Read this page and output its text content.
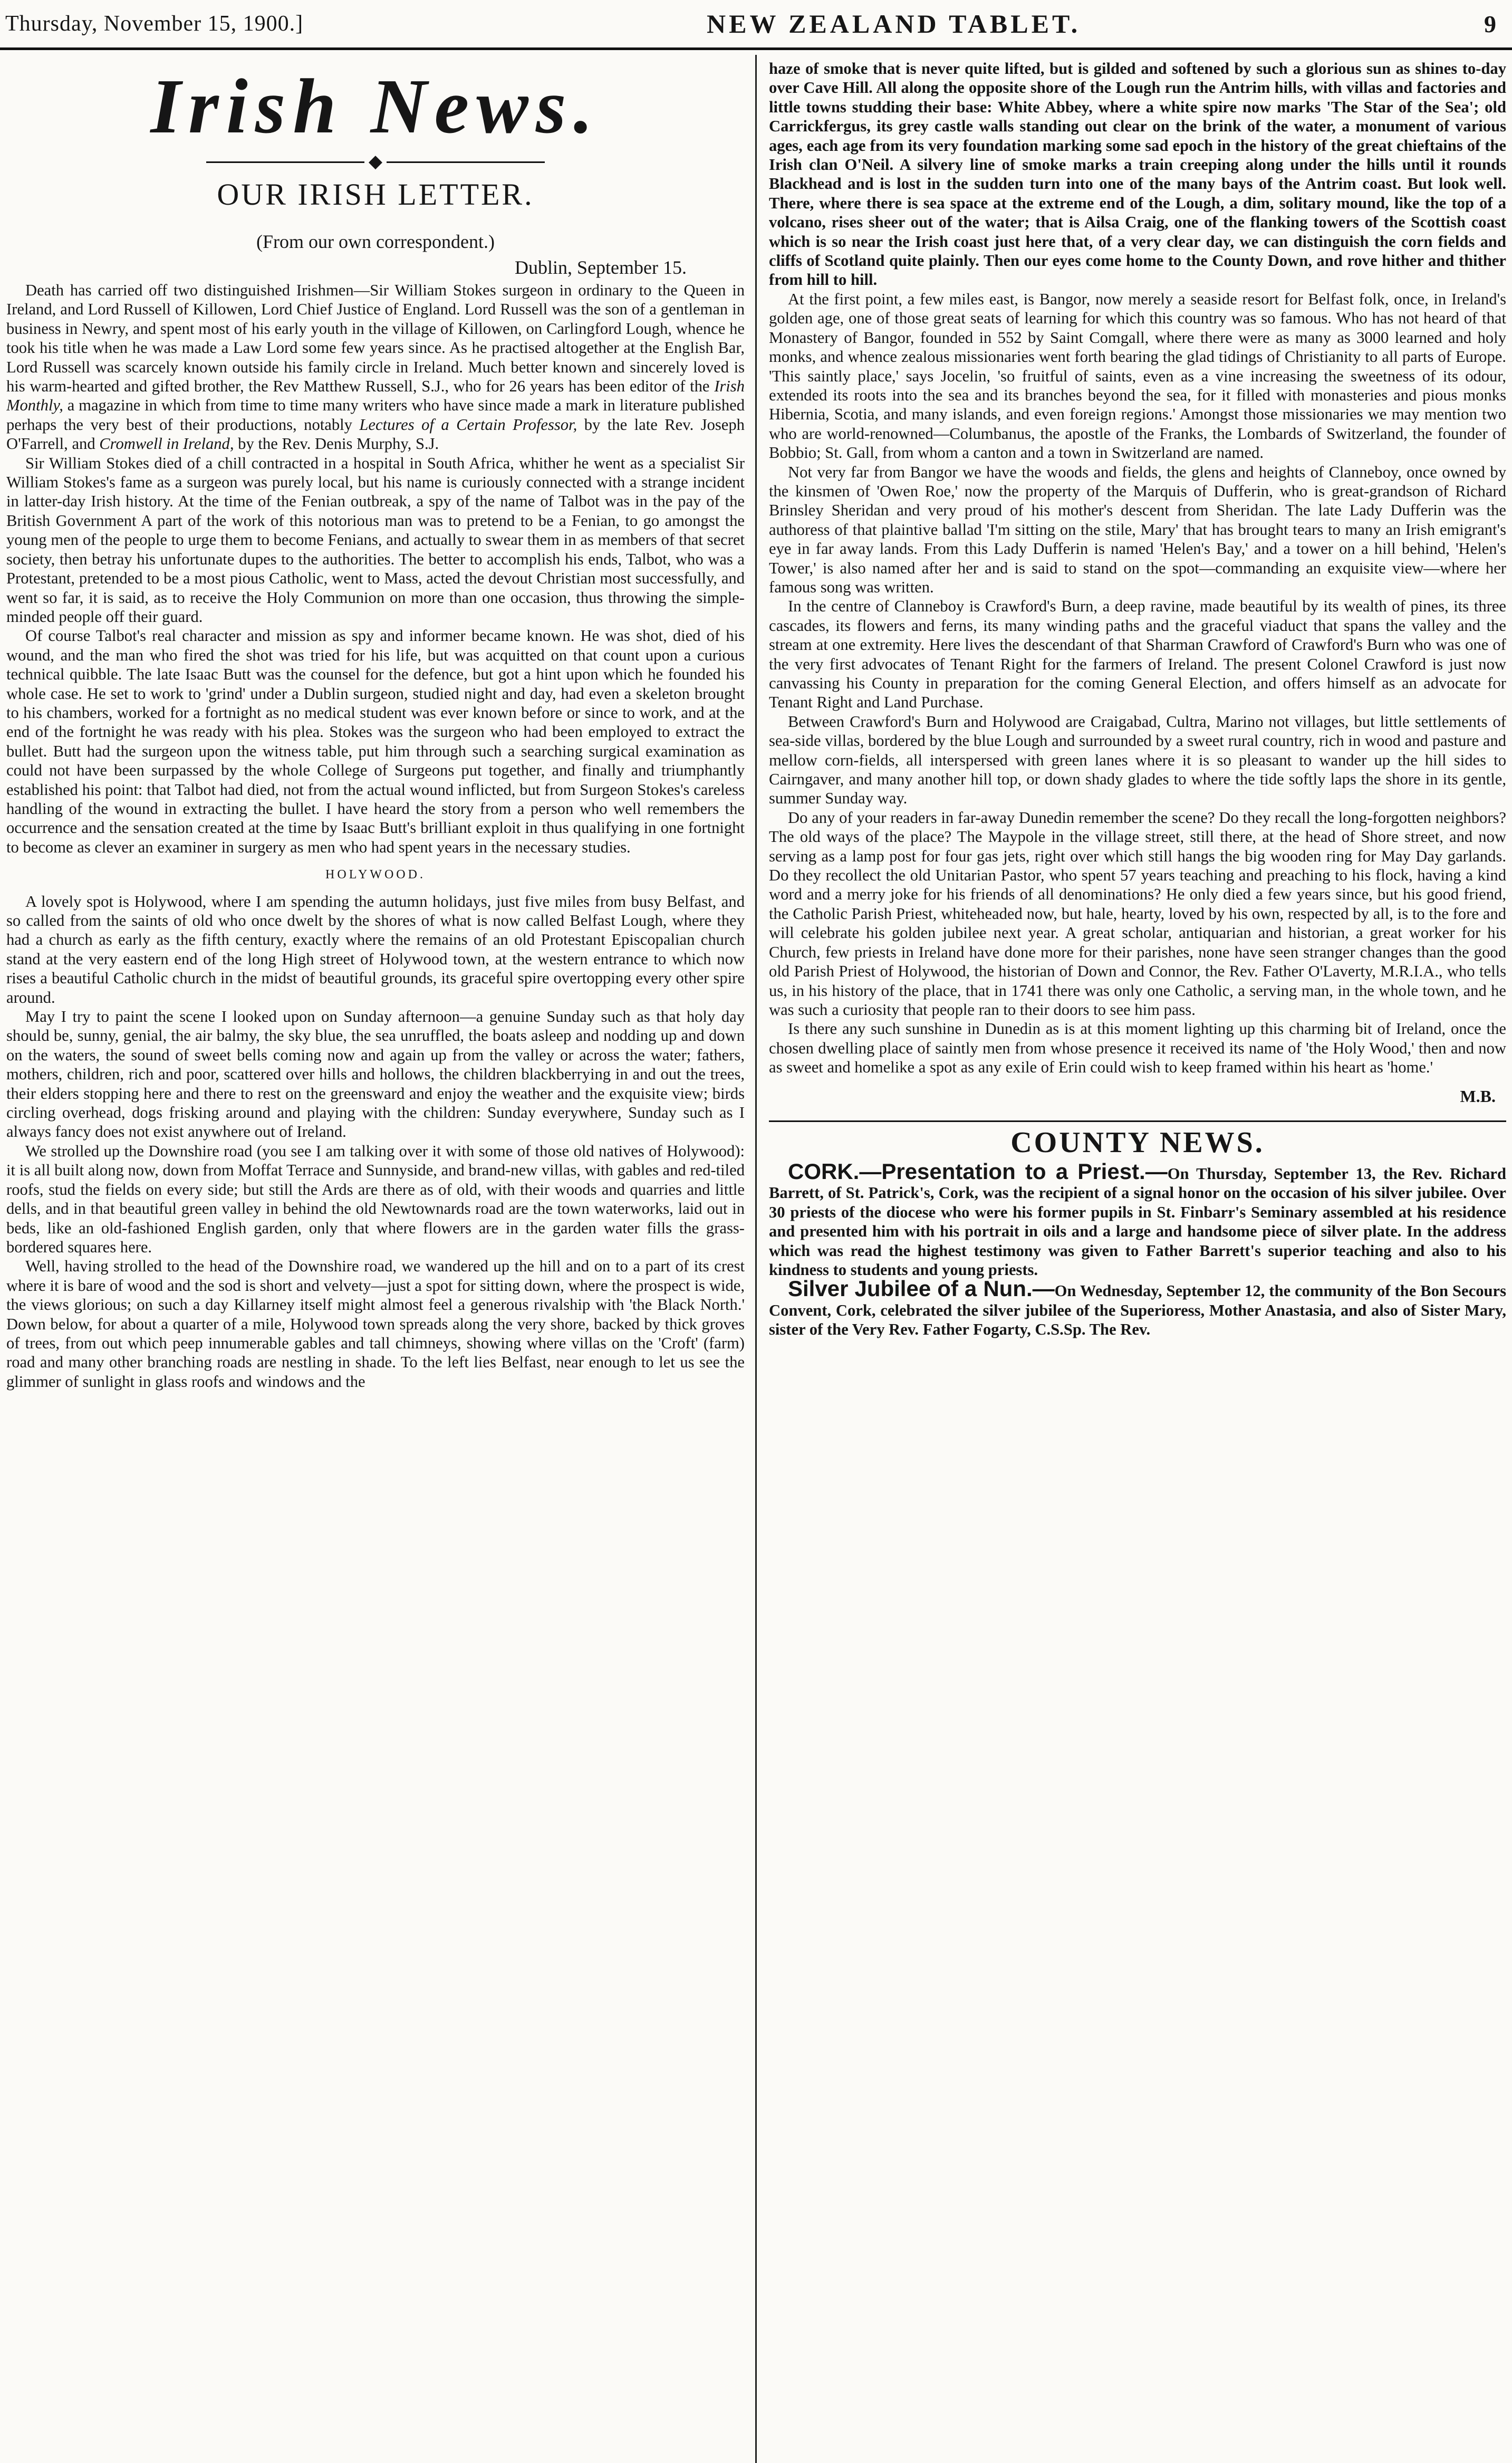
Thursday, November 15, 1900.]	NEW ZEALAND TABLET.	9
Irish News.
◆
OUR IRISH LETTER.
(From our own correspondent.)
Dublin, September 15.

Death has carried off two distinguished Irishmen—Sir William Stokes surgeon in ordinary to the Queen in Ireland, and Lord Russell of Killowen, Lord Chief Justice of England. Lord Russell was the son of a gentleman in business in Newry, and spent most of his early youth in the village of Killowen, on Carlingford Lough, whence he took his title when he was made a Law Lord some few years since. As he practised altogether at the English Bar, Lord Russell was scarcely known outside his family circle in Ireland. Much better known and sincerely loved is his warm-hearted and gifted brother, the Rev Matthew Russell, S.J., who for 26 years has been editor of the Irish Monthly, a magazine in which from time to time many writers who have since made a mark in literature published perhaps the very best of their productions, notably Lectures of a Certain Professor, by the late Rev. Joseph O'Farrell, and Cromwell in Ireland, by the Rev. Denis Murphy, S.J.

Sir William Stokes died of a chill contracted in a hospital in South Africa, whither he went as a specialist Sir William Stokes's fame as a surgeon was purely local, but his name is curiously connected with a strange incident in latter-day Irish history. At the time of the Fenian outbreak, a spy of the name of Talbot was in the pay of the British Government A part of the work of this notorious man was to pretend to be a Fenian, to go amongst the young men of the people to urge them to become Fenians, and actually to swear them in as members of that secret society, then betray his unfortunate dupes to the authorities. The better to accomplish his ends, Talbot, who was a Protestant, pretended to be a most pious Catholic, went to Mass, acted the devout Christian most successfully, and went so far, it is said, as to receive the Holy Communion on more than one occasion, thus throwing the simple-minded people off their guard.

Of course Talbot's real character and mission as spy and informer became known. He was shot, died of his wound, and the man who fired the shot was tried for his life, but was acquitted on that count upon a curious technical quibble. The late Isaac Butt was the counsel for the defence, but got a hint upon which he founded his whole case. He set to work to 'grind' under a Dublin surgeon, studied night and day, had even a skeleton brought to his chambers, worked for a fortnight as no medical student was ever known before or since to work, and at the end of the fortnight he was ready with his plea. Stokes was the surgeon who had been employed to extract the bullet. Butt had the surgeon upon the witness table, put him through such a searching surgical examination as could not have been surpassed by the whole College of Surgeons put together, and finally and triumphantly established his point: that Talbot had died, not from the actual wound inflicted, but from Surgeon Stokes's careless handling of the wound in extracting the bullet. I have heard the story from a person who well remembers the occurrence and the sensation created at the time by Isaac Butt's brilliant exploit in thus qualifying in one fortnight to become as clever an examiner in surgery as men who had spent years in the necessary studies.

HOLYWOOD.

A lovely spot is Holywood, where I am spending the autumn holidays, just five miles from busy Belfast, and so called from the saints of old who once dwelt by the shores of what is now called Belfast Lough, where they had a church as early as the fifth century, exactly where the remains of an old Protestant Episcopalian church stand at the very eastern end of the long High street of Holywood town, at the western entrance to which now rises a beautiful Catholic church in the midst of beautiful grounds, its graceful spire overtopping every other spire around.

May I try to paint the scene I looked upon on Sunday afternoon—a genuine Sunday such as that holy day should be, sunny, genial, the air balmy, the sky blue, the sea unruffled, the boats asleep and nodding up and down on the waters, the sound of sweet bells coming now and again up from the valley or across the water; fathers, mothers, children, rich and poor, scattered over hills and hollows, the children blackberrying in and out the trees, their elders stopping here and there to rest on the greensward and enjoy the weather and the exquisite view; birds circling overhead, dogs frisking around and playing with the children: Sunday everywhere, Sunday such as I always fancy does not exist anywhere out of Ireland.

We strolled up the Downshire road (you see I am talking over it with some of those old natives of Holywood): it is all built along now, down from Moffat Terrace and Sunnyside, and brand-new villas, with gables and red-tiled roofs, stud the fields on every side; but still the Ards are there as of old, with their woods and quarries and little dells, and in that beautiful green valley in behind the old Newtownards road are the town waterworks, laid out in beds, like an old-fashioned English garden, only that where flowers are in the garden water fills the grass-bordered squares here.

Well, having strolled to the head of the Downshire road, we wandered up the hill and on to a part of its crest where it is bare of wood and the sod is short and velvety—just a spot for sitting down, where the prospect is wide, the views glorious; on such a day Killarney itself might almost feel a generous rivalship with 'the Black North.' Down below, for about a quarter of a mile, Holywood town spreads along the very shore, backed by thick groves of trees, from out which peep innumerable gables and tall chimneys, showing where villas on the 'Croft' (farm) road and many other branching roads are nestling in shade. To the left lies Belfast, near enough to let us see the glimmer of sunlight in glass roofs and windows and the

haze of smoke that is never quite lifted, but is gilded and softened by such a glorious sun as shines to-day over Cave Hill. All along the opposite shore of the Lough run the Antrim hills, with villas and factories and little towns studding their base: White Abbey, where a white spire now marks 'The Star of the Sea'; old Carrickfergus, its grey castle walls standing out clear on the brink of the water, a monument of various ages, each age from its very foundation marking some sad epoch in the history of the great chieftains of the Irish clan O'Neil. A silvery line of smoke marks a train creeping along under the hills until it rounds Blackhead and is lost in the sudden turn into one of the many bays of the Antrim coast. But look well. There, where there is sea space at the extreme end of the Lough, a dim, solitary mound, like the top of a volcano, rises sheer out of the water; that is Ailsa Craig, one of the flanking towers of the Scottish coast which is so near the Irish coast just here that, of a very clear day, we can distinguish the corn fields and cliffs of Scotland quite plainly. Then our eyes come home to the County Down, and rove hither and thither from hill to hill.

At the first point, a few miles east, is Bangor, now merely a seaside resort for Belfast folk, once, in Ireland's golden age, one of those great seats of learning for which this country was so famous. Who has not heard of that Monastery of Bangor, founded in 552 by Saint Comgall, where there were as many as 3000 learned and holy monks, and whence zealous missionaries went forth bearing the glad tidings of Christianity to all parts of Europe. 'This saintly place,' says Jocelin, 'so fruitful of saints, even as a vine increasing the sweetness of its odour, extended its roots into the sea and its branches beyond the sea, for it filled with monasteries and pious monks Hibernia, Scotia, and many islands, and even foreign regions.' Amongst those missionaries we may mention two who are world-renowned—Columbanus, the apostle of the Franks, the Lombards of Switzerland, the founder of Bobbio; St. Gall, from whom a canton and a town in Switzerland are named.

Not very far from Bangor we have the woods and fields, the glens and heights of Clanneboy, once owned by the kinsmen of 'Owen Roe,' now the property of the Marquis of Dufferin, who is great-grandson of Richard Brinsley Sheridan and very proud of his mother's descent from Sheridan. The late Lady Dufferin was the authoress of that plaintive ballad 'I'm sitting on the stile, Mary' that has brought tears to many an Irish emigrant's eye in far away lands. From this Lady Dufferin is named 'Helen's Bay,' and a tower on a hill behind, 'Helen's Tower,' is also named after her and is said to stand on the spot—commanding an exquisite view—where her famous song was written.

In the centre of Clanneboy is Crawford's Burn, a deep ravine, made beautiful by its wealth of pines, its three cascades, its flowers and ferns, its many winding paths and the graceful viaduct that spans the valley and the stream at one extremity. Here lives the descendant of that Sharman Crawford of Crawford's Burn who was one of the very first advocates of Tenant Right for the farmers of Ireland. The present Colonel Crawford is just now canvassing his County in preparation for the coming General Election, and offers himself as an advocate for Tenant Right and Land Purchase.

Between Crawford's Burn and Holywood are Craigabad, Cultra, Marino not villages, but little settlements of sea-side villas, bordered by the blue Lough and surrounded by a sweet rural country, rich in wood and pasture and mellow corn-fields, all interspersed with green lanes where it is so pleasant to wander up the hill sides to Cairngaver, and many another hill top, or down shady glades to where the tide softly laps the shore in its gentle, summer Sunday way.

Do any of your readers in far-away Dunedin remember the scene? Do they recall the long-forgotten neighbors? The old ways of the place? The Maypole in the village street, still there, at the head of Shore street, and now serving as a lamp post for four gas jets, right over which still hangs the big wooden ring for May Day garlands. Do they recollect the old Unitarian Pastor, who spent 57 years teaching and preaching to his flock, having a kind word and a merry joke for his friends of all denominations? He only died a few years since, but his good friend, the Catholic Parish Priest, whiteheaded now, but hale, hearty, loved by his own, respected by all, is to the fore and will celebrate his golden jubilee next year. A great scholar, antiquarian and historian, a great worker for his Church, few priests in Ireland have done more for their parishes, none have seen stranger changes than the good old Parish Priest of Holywood, the historian of Down and Connor, the Rev. Father O'Laverty, M.R.I.A., who tells us, in his history of the place, that in 1741 there was only one Catholic, a serving man, in the whole town, and he was such a curiosity that people ran to their doors to see him pass.

Is there any such sunshine in Dunedin as is at this moment lighting up this charming bit of Ireland, once the chosen dwelling place of saintly men from whose presence it received its name of 'the Holy Wood,' then and now as sweet and homelike a spot as any exile of Erin could wish to keep framed within his heart as 'home.'

M.B.
COUNTY NEWS.

CORK.—Presentation to a Priest.—On Thursday, September 13, the Rev. Richard Barrett, of St. Patrick's, Cork, was the recipient of a signal honor on the occasion of his silver jubilee. Over 30 priests of the diocese who were his former pupils in St. Finbarr's Seminary assembled at his residence and presented him with his portrait in oils and a large and handsome piece of silver plate. In the address which was read the highest testimony was given to Father Barrett's superior teaching and also to his kindness to students and young priests.

Silver Jubilee of a Nun.—On Wednesday, September 12, the community of the Bon Secours Convent, Cork, celebrated the silver jubilee of the Superioress, Mother Anastasia, and also of Sister Mary, sister of the Very Rev. Father Fogarty, C.S.Sp. The Rev.
